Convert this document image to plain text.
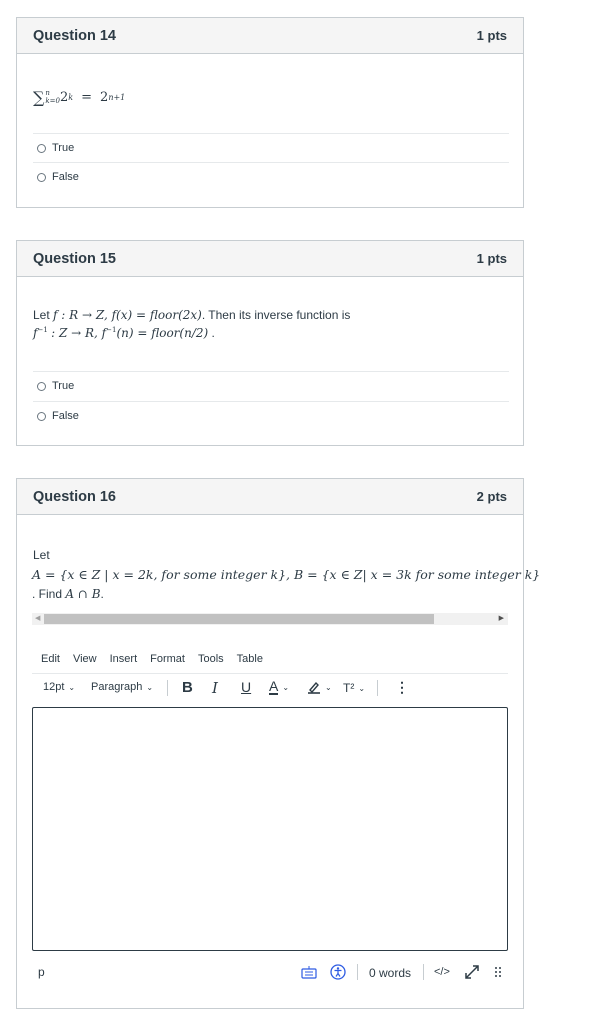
Question 14	1 pts
∑ n
k=0 2 k = 2 n+1
True
False
Question 15	1 pts
Let f : R → Z, f(x) = floor(2x). Then its inverse function is
$f^{-1}$ : Z → R, $f^{-1}(n)$ = floor(n/2) .
True
False
Question 16	2 pts
Let
A = {x ∈ Z | x = 2k, for some integer k}, B = {x ∈ Z| x = 3k for some integer k}
. Find A ∩ B.
◀	▶
Edit View Insert Format Tools Table
12pt ⌄ Paragraph ⌄ B I U A ⌄	⌄ T² ⌄ ⋮
p	0 words </>
